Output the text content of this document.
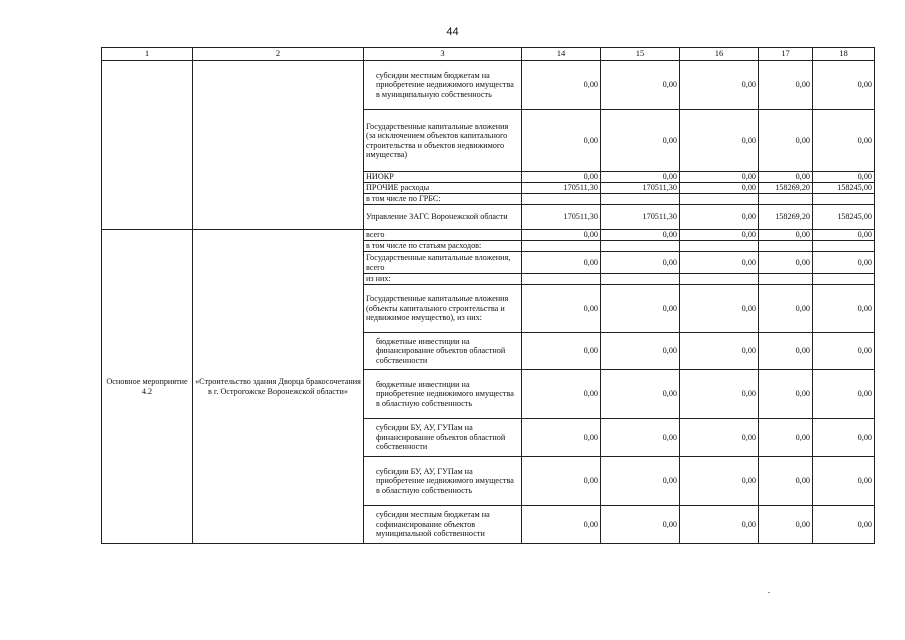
44
1	2	3	14	15	16	17	18
		субсидии местным бюджетам на приобретение недвижимого имущества в муниципальную собственность	0,00	0,00	0,00	0,00	0,00
		Государственные капитальные вложения (за исключением объектов капитального строительства и объектов недвижимого имущества)	0,00	0,00	0,00	0,00	0,00
		НИОКР	0,00	0,00	0,00	0,00	0,00
		ПРОЧИЕ расходы	170511,30	170511,30	0,00	158269,20	158245,00
		в том числе по ГРБС:					
		Управление ЗАГС Воронежской области	170511,30	170511,30	0,00	158269,20	158245,00
Основное мероприятие 4.2	«Строительство здания Дворца бракосочетания в г. Острогожске Воронежской области»	всего	0,00	0,00	0,00	0,00	0,00
		в том числе по статьям расходов:					
		Государственные капитальные вложения, всего	0,00	0,00	0,00	0,00	0,00
		из них:					
		Государственные капитальные вложения (объекты капитального строительства и недвижимое имущество), из них:	0,00	0,00	0,00	0,00	0,00
		бюджетные инвестиции на финансирование объектов областной собственности	0,00	0,00	0,00	0,00	0,00
		бюджетные инвестиции на приобретение недвижимого имущества в областную собственность	0,00	0,00	0,00	0,00	0,00
		субсидии БУ, АУ, ГУПам на финансирование объектов областной собственности	0,00	0,00	0,00	0,00	0,00
		субсидии БУ, АУ, ГУПам на приобретение недвижимого имущества в областную собственность	0,00	0,00	0,00	0,00	0,00
		субсидии местным бюджетам на софинансирование объектов муниципальной собственности	0,00	0,00	0,00	0,00	0,00
